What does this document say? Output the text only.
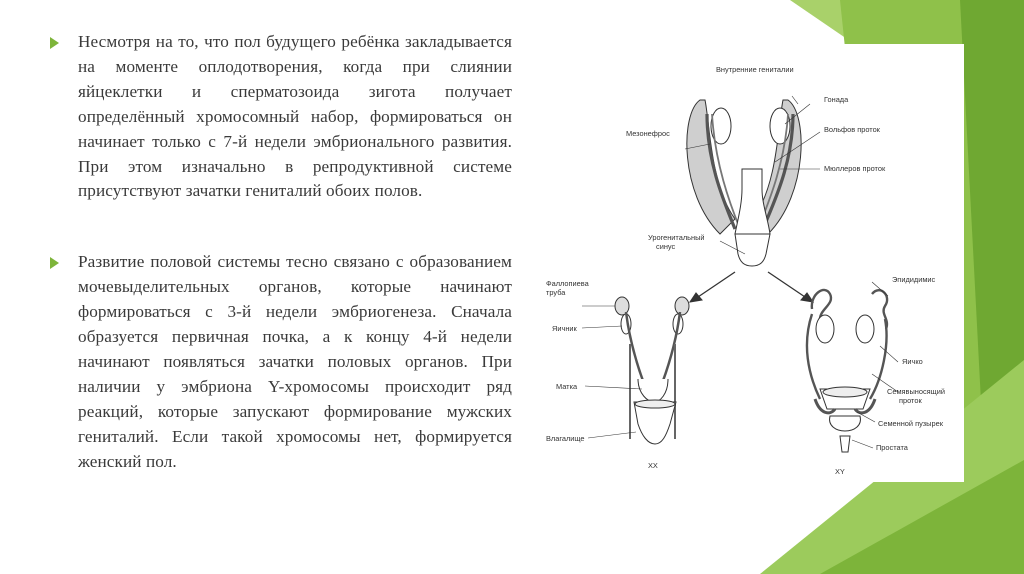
Несмотря на то, что пол будущего ребёнка закладывается на моменте оплодотворения, когда при слиянии яйцеклетки и сперматозоида зигота получает определённый хромосомный набор, формироваться он начинает только с 7-й недели эмбрионального развития. При этом изначально в репродуктивной системе присутствуют зачатки гениталий обоих полов.
Развитие половой системы тесно связано с образованием мочевыделительных органов, которые начинают формироваться с 3-й недели эмбриогенеза. Сначала образуется первичная почка, а к концу 4-й недели начинают появляться зачатки половых органов. При наличии у эмбриона Y-хромосомы происходит ряд реакций, которые запускают формирование мужских гениталий. Если такой хромосомы нет, формируется женский пол.
Внутренние гениталии
Гонада
Мезонефрос	Вольфов проток
Мюллеров проток
Урогенитальный
синус
Фаллопиева
труба
Яичник
Матка
Влагалище
XX
Эпидидимис
Яичко
Семявыносящий
проток
Семенной пузырек
Простата
XY
